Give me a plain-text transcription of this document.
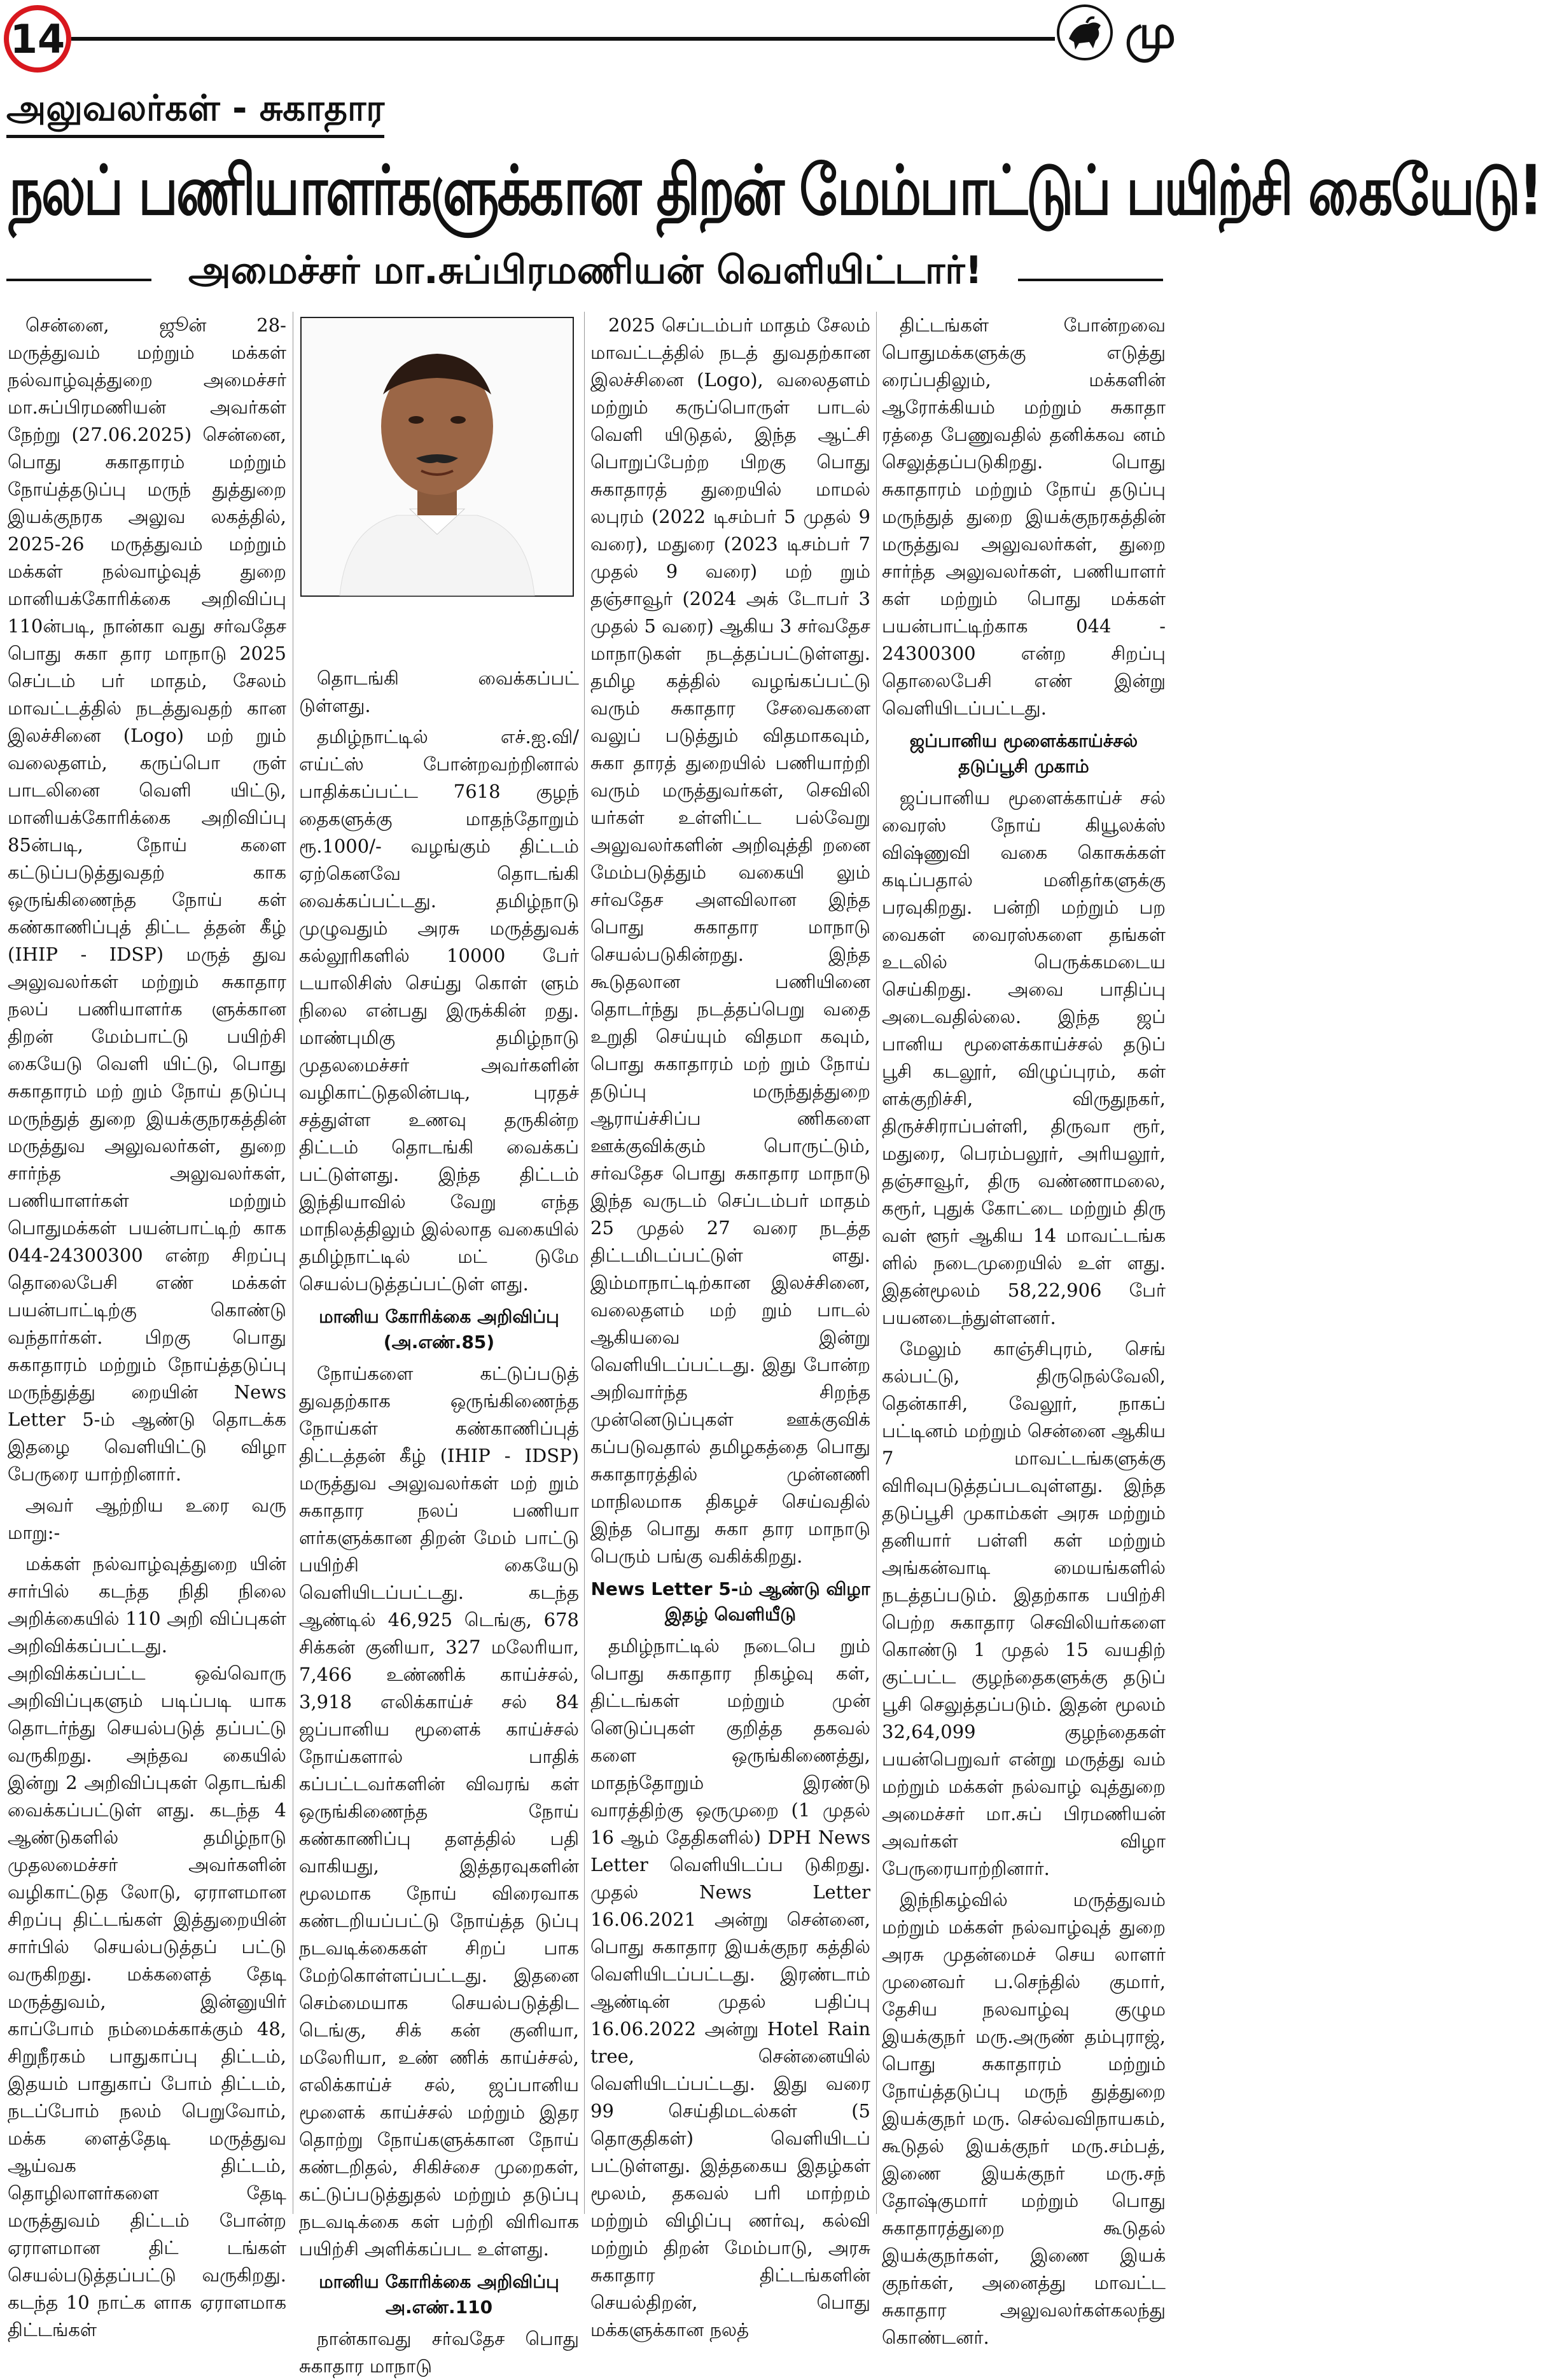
14	மு
அலுவலர்கள் - சுகாதார
நலப் பணியாளர்களுக்கான திறன் மேம்பாட்டுப் பயிற்சி கையேடு!
அமைச்சர் மா.சுப்பிரமணியன் வெளியிட்டார்!

சென்னை, ஜூன் 28- மருத்துவம் மற்றும் மக்கள் நல்வாழ்வுத்துறை அமைச்சர் மா.சுப்பிரமணியன் அவர்கள் நேற்று (27.06.2025) சென்னை, பொது சுகாதாரம் மற்றும் நோய்த்தடுப்பு மருந் துத்துறை இயக்குநரக அலுவ லகத்தில், 2025-26 மருத்துவம் மற்றும் மக்கள் நல்வாழ்வுத் துறை மானியக்கோரிக்கை அறிவிப்பு 110ன்படி, நான்கா வது சர்வதேச பொது சுகா தார மாநாடு 2025 செப்டம் பர் மாதம், சேலம் மாவட்டத்தில் நடத்துவதற் கான இலச்சினை (Logo) மற் றும் வலைதளம், கருப்பொ ருள் பாடலினை வெளி யிட்டு, மானியக்கோரிக்கை அறிவிப்பு 85ன்படி, நோய் களை கட்டுப்படுத்துவதற் காக ஒருங்கிணைந்த நோய் கள் கண்காணிப்புத் திட்ட த்தன் கீழ் (IHIP - IDSP) மருத் துவ அலுவலர்கள் மற்றும் சுகாதார நலப் பணியாளர்க ளுக்கான திறன் மேம்பாட்டு பயிற்சி கையேடு வெளி யிட்டு, பொது சுகாதாரம் மற் றும் நோய் தடுப்பு மருந்துத் துறை இயக்குநரகத்தின் மருத்துவ அலுவலர்கள், துறை சார்ந்த அலுவலர்கள், பணியாளர்கள் மற்றும் பொதுமக்கள் பயன்பாட்டிற் காக 044-24300300 என்ற சிறப்பு தொலைபேசி எண் மக்கள் பயன்பாட்டிற்கு கொண்டு வந்தார்கள். பிறகு பொது சுகாதாரம் மற்றும் நோய்த்தடுப்பு மருந்துத்து றையின் News Letter 5-ம் ஆண்டு தொடக்க இதழை வெளியிட்டு விழா பேருரை யாற்றினார்.

அவர் ஆற்றிய உரை வரு மாறு:-

மக்கள் நல்வாழ்வுத்துறை யின் சார்பில் கடந்த நிதி நிலை அறிக்கையில் 110 அறி விப்புகள் அறிவிக்கப்பட்டது. அறிவிக்கப்பட்ட ஒவ்வொரு அறிவிப்புகளும் படிப்படி யாக தொடர்ந்து செயல்படுத் தப்பட்டு வருகிறது. அந்தவ கையில் இன்று 2 அறிவிப்புகள் தொடங்கி வைக்கப்பட்டுள் ளது. கடந்த 4 ஆண்டுகளில் தமிழ்நாடு முதலமைச்சர் அவர்களின் வழிகாட்டுத லோடு, ஏராளமான சிறப்பு திட்டங்கள் இத்துறையின் சார்பில் செயல்படுத்தப் பட்டு வருகிறது. மக்களைத் தேடி மருத்துவம், இன்னுயிர் காப்போம் நம்மைக்காக்கும் 48, சிறுநீரகம் பாதுகாப்பு திட்டம், இதயம் பாதுகாப் போம் திட்டம், நடப்போம் நலம் பெறுவோம், மக்க ளைத்தேடி மருத்துவ ஆய்வக திட்டம், தொழிலாளர்களை தேடி மருத்துவம் திட்டம் போன்ற ஏராளமான திட் டங்கள் செயல்படுத்தப்பட்டு வருகிறது. கடந்த 10 நாட்க ளாக ஏராளமாக திட்டங்கள்

தொடங்கி வைக்கப்பட் டுள்ளது.

தமிழ்நாட்டில் எச்.ஐ.வி/ எய்ட்ஸ் போன்றவற்றினால் பாதிக்கப்பட்ட 7618 குழந் தைகளுக்கு மாதந்தோறும் ரூ.1000/- வழங்கும் திட்டம் ஏற்கெனவே தொடங்கி வைக்கப்பட்டது. தமிழ்நாடு முழுவதும் அரசு மருத்துவக் கல்லூரிகளில் 10000 பேர் டயாலிசிஸ் செய்து கொள் ளும் நிலை என்பது இருக்கின் றது. மாண்புமிகு தமிழ்நாடு முதலமைச்சர் அவர்களின் வழிகாட்டுதலின்படி, புரதச் சத்துள்ள உணவு தருகின்ற திட்டம் தொடங்கி வைக்கப் பட்டுள்ளது. இந்த திட்டம் இந்தியாவில் வேறு எந்த மாநிலத்திலும் இல்லாத வகையில் தமிழ்நாட்டில் மட் டுமே செயல்படுத்தப்பட்டுள் ளது.

மானிய கோரிக்கை அறிவிப்பு
(அ.எண்.85)

நோய்களை கட்டுப்படுத் துவதற்காக ஒருங்கிணைந்த நோய்கள் கண்காணிப்புத் திட்டத்தன் கீழ் (IHIP - IDSP) மருத்துவ அலுவலர்கள் மற் றும் சுகாதார நலப் பணியா ளர்களுக்கான திறன் மேம் பாட்டு பயிற்சி கையேடு வெளியிடப்பட்டது. கடந்த ஆண்டில் 46,925 டெங்கு, 678 சிக்கன் குனியா, 327 மலேரியா, 7,466 உண்ணிக் காய்ச்சல், 3,918 எலிக்காய்ச் சல் 84 ஜப்பானிய மூளைக் காய்ச்சல் நோய்களால் பாதிக் கப்பட்டவர்களின் விவரங் கள் ஒருங்கிணைந்த நோய் கண்காணிப்பு தளத்தில் பதி வாகியது, இத்தரவுகளின் மூலமாக நோய் விரைவாக கண்டறியப்பட்டு நோய்த்த டுப்பு நடவடிக்கைகள் சிறப் பாக மேற்கொள்ளப்பட்டது. இதனை செம்மையாக செயல்படுத்திட டெங்கு, சிக் கன் குனியா, மலேரியா, உண் ணிக் காய்ச்சல், எலிக்காய்ச் சல், ஜப்பானிய மூளைக் காய்ச்சல் மற்றும் இதர தொற்று நோய்களுக்கான நோய் கண்டறிதல், சிகிச்சை முறைகள், கட்டுப்படுத்துதல் மற்றும் தடுப்பு நடவடிக்கை கள் பற்றி விரிவாக பயிற்சி அளிக்கப்பட உள்ளது.

மானிய கோரிக்கை அறிவிப்பு
அ.எண்.110

நான்காவது சர்வதேச பொது சுகாதார மாநாடு

2025 செப்டம்பர் மாதம் சேலம் மாவட்டத்தில் நடத் துவதற்கான இலச்சினை (Logo), வலைதளம் மற்றும் கருப்பொருள் பாடல் வெளி யிடுதல், இந்த ஆட்சி பொறுப்பேற்ற பிறகு பொது சுகாதாரத் துறையில் மாமல் லபுரம் (2022 டிசம்பர் 5 முதல் 9 வரை), மதுரை (2023 டிசம்பர் 7 முதல் 9 வரை) மற் றும் தஞ்சாவூர் (2024 அக் டோபர் 3 முதல் 5 வரை) ஆகிய 3 சர்வதேச மாநாடுகள் நடத்தப்பட்டுள்ளது. தமிழ கத்தில் வழங்கப்பட்டு வரும் சுகாதார சேவைகளை வலுப் படுத்தும் விதமாகவும், சுகா தாரத் துறையில் பணியாற்றி வரும் மருத்துவர்கள், செவிலி யர்கள் உள்ளிட்ட பல்வேறு அலுவலர்களின் அறிவுத்தி றனை மேம்படுத்தும் வகையி லும் சர்வதேச அளவிலான இந்த பொது சுகாதார மாநாடு செயல்படுகின்றது. இந்த கூடுதலான பணியினை தொடர்ந்து நடத்தப்பெறு வதை உறுதி செய்யும் விதமா கவும், பொது சுகாதாரம் மற் றும் நோய் தடுப்பு மருந்துத்துறை ஆராய்ச்சிப்ப ணிகளை ஊக்குவிக்கும் பொருட்டும், சர்வதேச பொது சுகாதார மாநாடு இந்த வருடம் செப்டம்பர் மாதம் 25 முதல் 27 வரை நடத்த திட்டமிடப்பட்டுள் ளது. இம்மாநாட்டிற்கான இலச்சினை, வலைதளம் மற் றும் பாடல் ஆகியவை இன்று வெளியிடப்பட்டது. இது போன்ற அறிவார்ந்த சிறந்த முன்னெடுப்புகள் ஊக்குவிக் கப்படுவதால் தமிழகத்தை பொது சுகாதாரத்தில் முன்னணி மாநிலமாக திகழச் செய்வதில் இந்த பொது சுகா தார மாநாடு பெரும் பங்கு வகிக்கிறது.

News Letter 5-ம் ஆண்டு விழா இதழ் வெளியீடு

தமிழ்நாட்டில் நடைபெ றும் பொது சுகாதார நிகழ்வு கள், திட்டங்கள் மற்றும் முன் னெடுப்புகள் குறித்த தகவல் களை ஒருங்கிணைத்து, மாதந்தோறும் இரண்டு வாரத்திற்கு ஒருமுறை (1 முதல் 16 ஆம் தேதிகளில்) DPH News Letter வெளியிடப்ப டுகிறது. முதல் News Letter 16.06.2021 அன்று சென்னை, பொது சுகாதார இயக்குநர கத்தில் வெளியிடப்பட்டது. இரண்டாம் ஆண்டின் முதல் பதிப்பு 16.06.2022 அன்று Hotel Rain tree, சென்னையில் வெளியிடப்பட்டது. இது வரை 99 செய்திமடல்கள் (5 தொகுதிகள்) வெளியிடப் பட்டுள்ளது. இத்தகைய இதழ்கள் மூலம், தகவல் பரி மாற்றம் மற்றும் விழிப்பு ணர்வு, கல்வி மற்றும் திறன் மேம்பாடு, அரசு சுகாதார திட்டங்களின் செயல்திறன், பொது மக்களுக்கான நலத்

திட்டங்கள் போன்றவை பொதுமக்களுக்கு எடுத்து ரைப்பதிலும், மக்களின் ஆரோக்கியம் மற்றும் சுகாதா ரத்தை பேணுவதில் தனிக்கவ னம் செலுத்தப்படுகிறது. பொது சுகாதாரம் மற்றும் நோய் தடுப்பு மருந்துத் துறை இயக்குநரகத்தின் மருத்துவ அலுவலர்கள், துறை சார்ந்த அலுவலர்கள், பணியாளர் கள் மற்றும் பொது மக்கள் பயன்பாட்டிற்காக 044 - 24300300 என்ற சிறப்பு தொலைபேசி எண் இன்று வெளியிடப்பட்டது.

ஜப்பானிய மூளைக்காய்ச்சல் தடுப்பூசி முகாம்

ஜப்பானிய மூளைக்காய்ச் சல் வைரஸ் நோய் கியூலக்ஸ் விஷ்ணுவி வகை கொசுக்கள் கடிப்பதால் மனிதர்களுக்கு பரவுகிறது. பன்றி மற்றும் பற வைகள் வைரஸ்களை தங்கள் உடலில் பெருக்கமடைய செய்கிறது. அவை பாதிப்பு அடைவதில்லை. இந்த ஜப் பானிய மூளைக்காய்ச்சல் தடுப் பூசி கடலூர், விழுப்புரம், கள் ளக்குறிச்சி, விருதுநகர், திருச்சிராப்பள்ளி, திருவா ரூர், மதுரை, பெரம்பலூர், அரியலூர், தஞ்சாவூர், திரு வண்ணாமலை, கரூர், புதுக் கோட்டை மற்றும் திரு வள் ளூர் ஆகிய 14 மாவட்டங்க ளில் நடைமுறையில் உள் ளது. இதன்மூலம் 58,22,906 பேர் பயனடைந்துள்ளனர்.

மேலும் காஞ்சிபுரம், செங் கல்பட்டு, திருநெல்வேலி, தென்காசி, வேலூர், நாகப் பட்டினம் மற்றும் சென்னை ஆகிய 7 மாவட்டங்களுக்கு விரிவுபடுத்தப்படவுள்ளது. இந்த தடுப்பூசி முகாம்கள் அரசு மற்றும் தனியார் பள்ளி கள் மற்றும் அங்கன்வாடி மையங்களில் நடத்தப்படும். இதற்காக பயிற்சி பெற்ற சுகாதார செவிலியர்களை கொண்டு 1 முதல் 15 வயதிற் குட்பட்ட குழந்தைகளுக்கு தடுப் பூசி செலுத்தப்படும். இதன் மூலம் 32,64,099 குழந்தைகள் பயன்பெறுவர் என்று மருத்து வம் மற்றும் மக்கள் நல்வாழ் வுத்துறை அமைச்சர் மா.சுப் பிரமணியன் அவர்கள் விழா பேருரையாற்றினார்.

இந்நிகழ்வில் மருத்துவம் மற்றும் மக்கள் நல்வாழ்வுத் துறை அரசு முதன்மைச் செய லாளர் முனைவர் ப.செந்தில் குமார், தேசிய நலவாழ்வு குழும இயக்குநர் மரு.அருண் தம்புராஜ், பொது சுகாதாரம் மற்றும் நோய்த்தடுப்பு மருந் துத்துறை இயக்குநர் மரு. செல்வவிநாயகம், கூடுதல் இயக்குநர் மரு.சம்பத், இணை இயக்குநர் மரு.சந் தோஷ்குமார் மற்றும் பொது சுகாதாரத்துறை கூடுதல் இயக்குநர்கள், இணை இயக் குநர்கள், அனைத்து மாவட்ட சுகாதார அலுவலர்கள்கலந்து கொண்டனர்.
